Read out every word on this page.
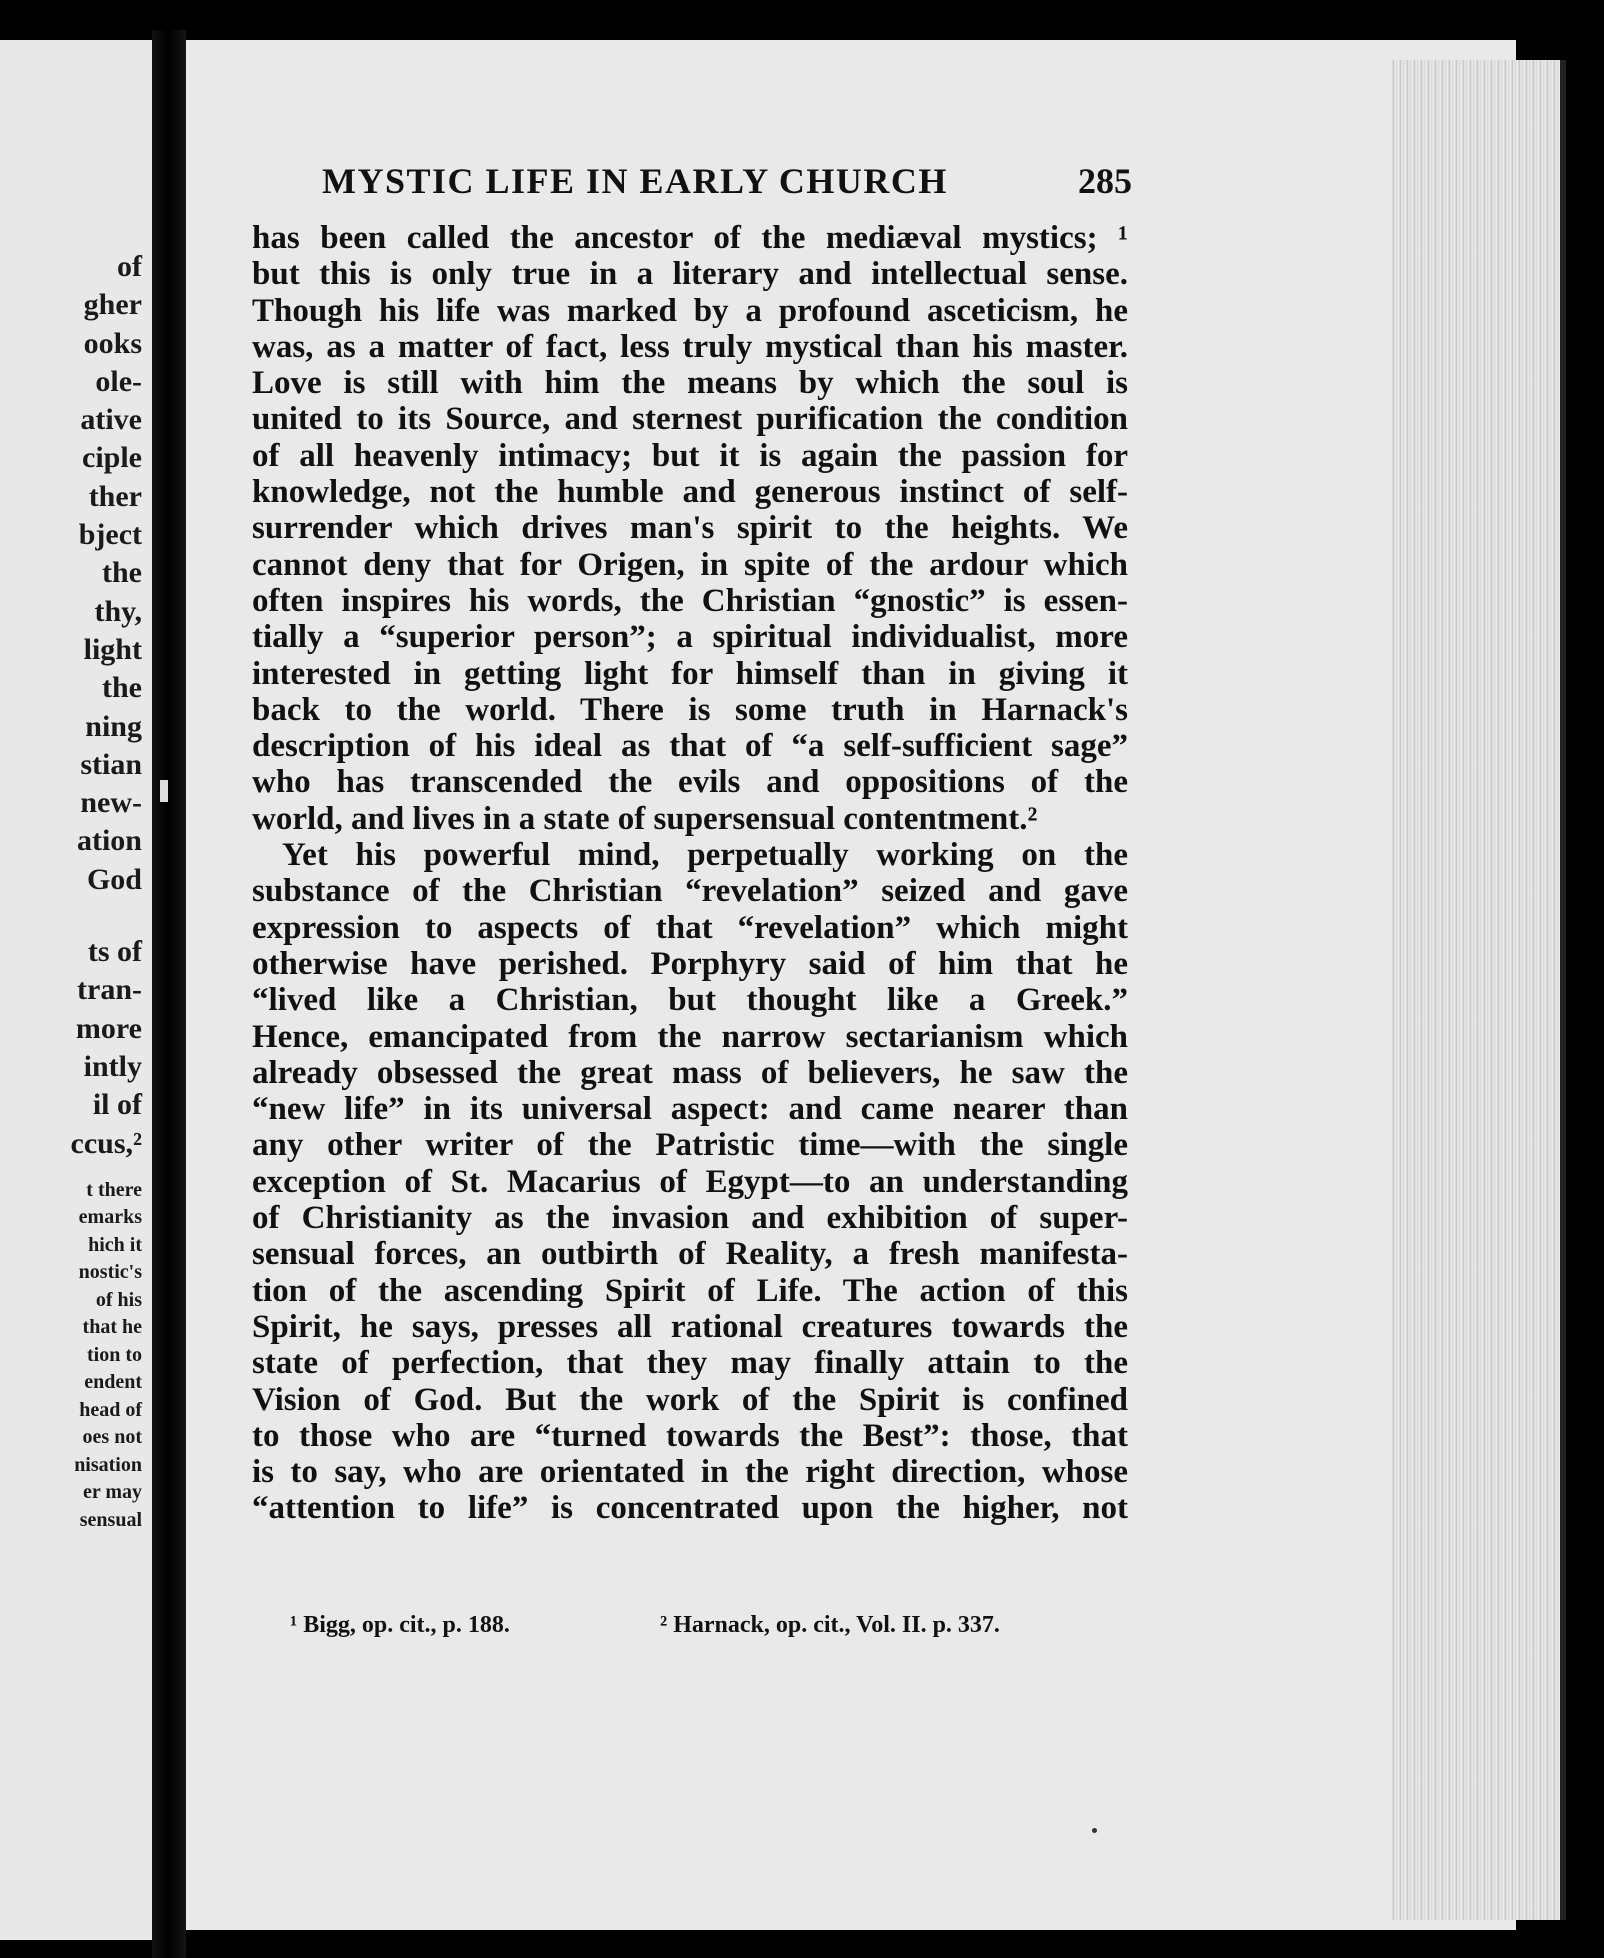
of

gher

ooks

ole-

ative

ciple

ther

bject

the

thy,

light

the

ning

stian

new-

ation

God

ts of

tran-

more

intly

il of

ccus,²

t there

emarks

hich it

nostic's

of his

that he

tion to

endent

head of

oes not

nisation

er may

sensual

MYSTIC LIFE IN EARLY CHURCH	285

has been called the ancestor of the mediæval mystics; ¹

but this is only true in a literary and intellectual sense.

Though his life was marked by a profound asceticism, he

was, as a matter of fact, less truly mystical than his master.

Love is still with him the means by which the soul is

united to its Source, and sternest purification the condition

of all heavenly intimacy; but it is again the passion for

knowledge, not the humble and generous instinct of self-

surrender which drives man's spirit to the heights. We

cannot deny that for Origen, in spite of the ardour which

often inspires his words, the Christian “gnostic” is essen-

tially a “superior person”; a spiritual individualist, more

interested in getting light for himself than in giving it

back to the world. There is some truth in Harnack's

description of his ideal as that of “a self-sufficient sage”

who has transcended the evils and oppositions of the

world, and lives in a state of supersensual contentment.²

Yet his powerful mind, perpetually working on the

substance of the Christian “revelation” seized and gave

expression to aspects of that “revelation” which might

otherwise have perished. Porphyry said of him that he

“lived like a Christian, but thought like a Greek.”

Hence, emancipated from the narrow sectarianism which

already obsessed the great mass of believers, he saw the

“new life” in its universal aspect: and came nearer than

any other writer of the Patristic time—with the single

exception of St. Macarius of Egypt—to an understanding

of Christianity as the invasion and exhibition of super-

sensual forces, an outbirth of Reality, a fresh manifesta-

tion of the ascending Spirit of Life. The action of this

Spirit, he says, presses all rational creatures towards the

state of perfection, that they may finally attain to the

Vision of God. But the work of the Spirit is confined

to those who are “turned towards the Best”: those, that

is to say, who are orientated in the right direction, whose

“attention to life” is concentrated upon the higher, not

¹ Bigg, op. cit., p. 188.	² Harnack, op. cit., Vol. II. p. 337.
